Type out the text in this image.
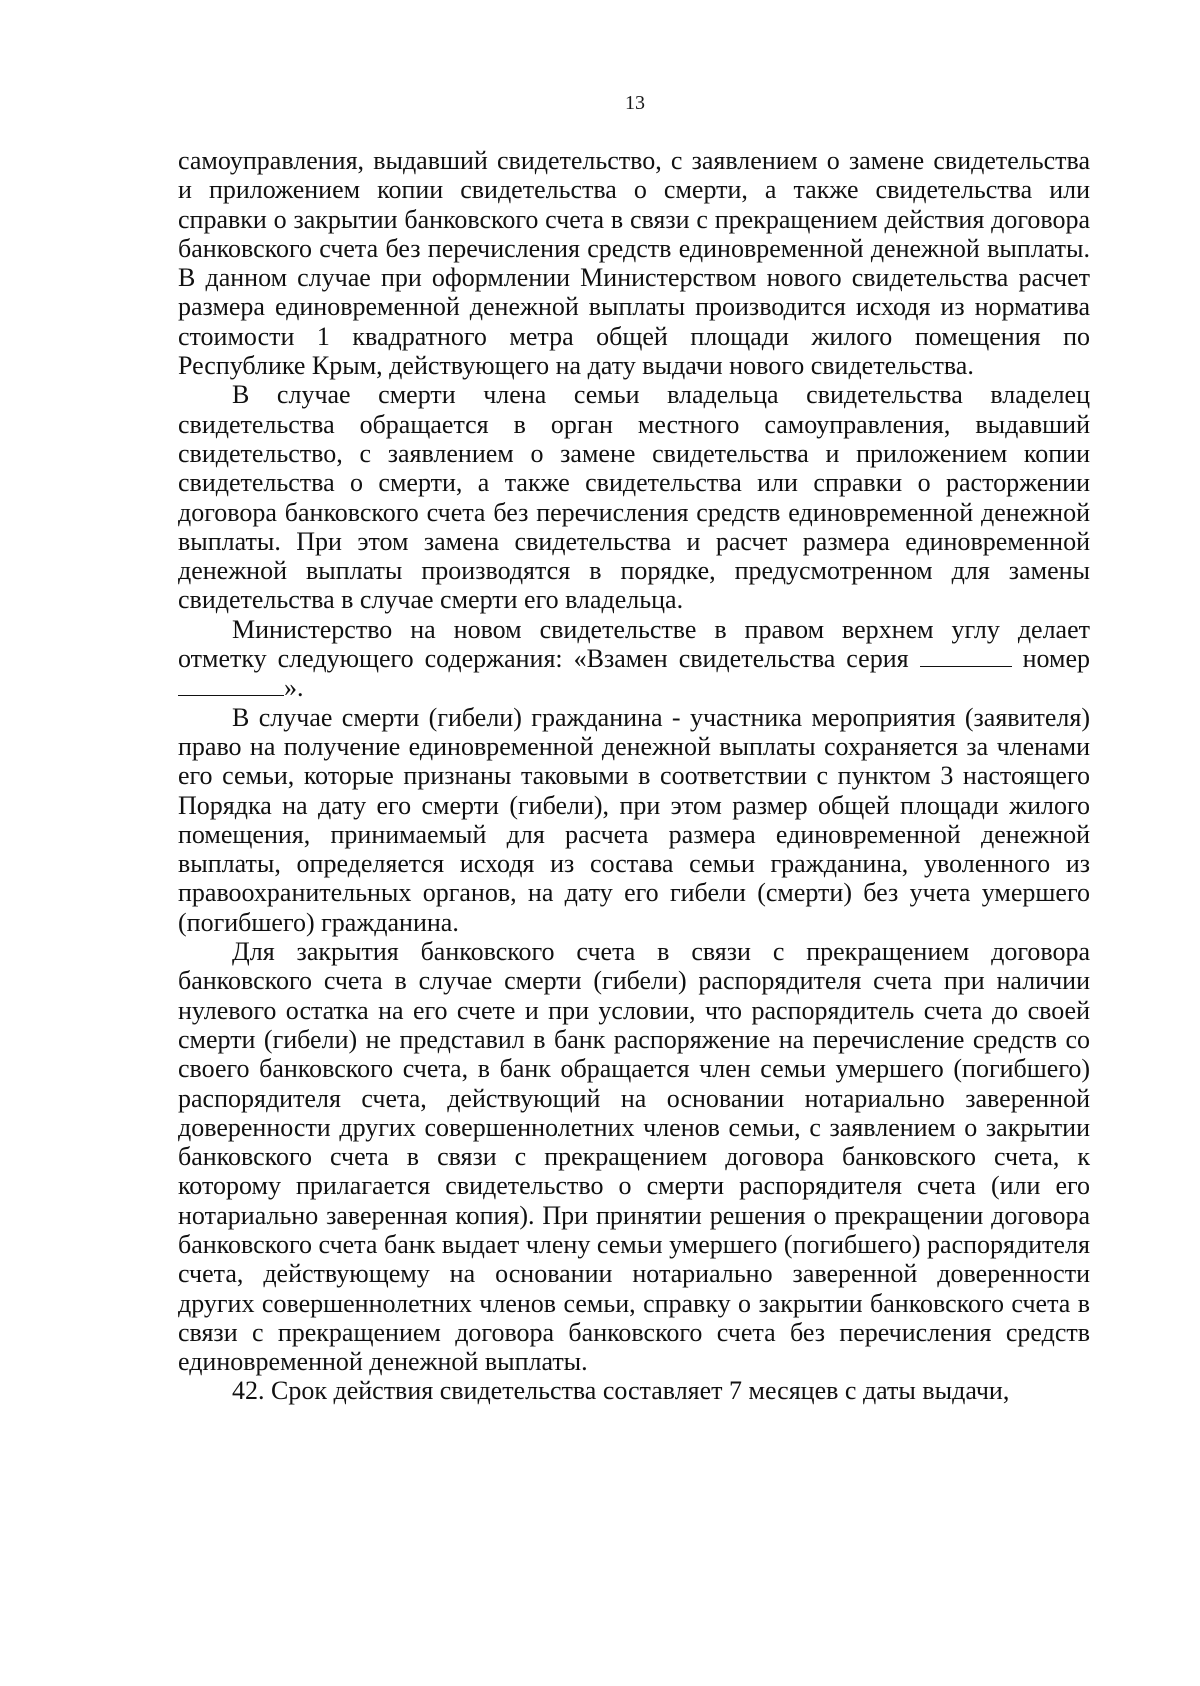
13

самоуправления, выдавший свидетельство, с заявлением о замене свидетельства и приложением копии свидетельства о смерти, а также свидетельства или справки о закрытии банковского счета в связи с прекращением действия договора банковского счета без перечисления средств единовременной денежной выплаты. В данном случае при оформлении Министерством нового свидетельства расчет размера единовременной денежной выплаты производится исходя из норматива стоимости 1 квадратного метра общей площади жилого помещения по Республике Крым, действующего на дату выдачи нового свидетельства.

В случае смерти члена семьи владельца свидетельства владелец свидетельства обращается в орган местного самоуправления, выдавший свидетельство, с заявлением о замене свидетельства и приложением копии свидетельства о смерти, а также свидетельства или справки о расторжении договора банковского счета без перечисления средств единовременной денежной выплаты. При этом замена свидетельства и расчет размера единовременной денежной выплаты производятся в порядке, предусмотренном для замены свидетельства в случае смерти его владельца.

Министерство на новом свидетельстве в правом верхнем углу делает отметку следующего содержания: «Взамен свидетельства серия	номер ».

В случае смерти (гибели) гражданина - участника мероприятия (заявителя) право на получение единовременной денежной выплаты сохраняется за членами его семьи, которые признаны таковыми в соответствии с пунктом 3 настоящего Порядка на дату его смерти (гибели), при этом размер общей площади жилого помещения, принимаемый для расчета размера единовременной денежной выплаты, определяется исходя из состава семьи гражданина, уволенного из правоохранительных органов, на дату его гибели (смерти) без учета умершего (погибшего) гражданина.

Для закрытия банковского счета в связи с прекращением договора банковского счета в случае смерти (гибели) распорядителя счета при наличии нулевого остатка на его счете и при условии, что распорядитель счета до своей смерти (гибели) не представил в банк распоряжение на перечисление средств со своего банковского счета, в банк обращается член семьи умершего (погибшего) распорядителя счета, действующий на основании нотариально заверенной доверенности других совершеннолетних членов семьи, с заявлением о закрытии банковского счета в связи с прекращением договора банковского счета, к которому прилагается свидетельство о смерти распорядителя счета (или его нотариально заверенная копия). При принятии решения о прекращении договора банковского счета банк выдает члену семьи умершего (погибшего) распорядителя счета, действующему на основании нотариально заверенной доверенности других совершеннолетних членов семьи, справку о закрытии банковского счета в связи с прекращением договора банковского счета без перечисления средств единовременной денежной выплаты.

42. Срок действия свидетельства составляет 7 месяцев с даты выдачи,
